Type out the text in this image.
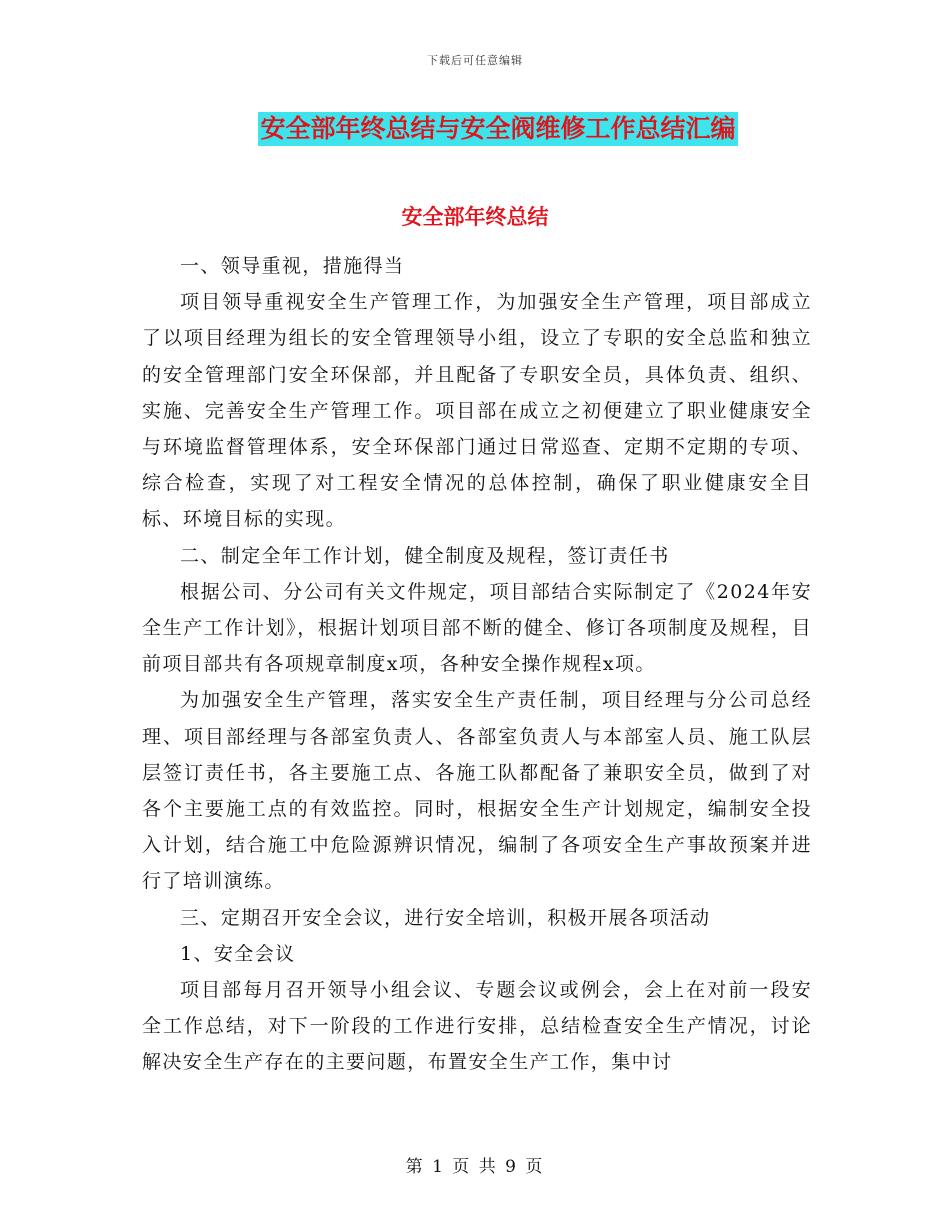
下载后可任意编辑
安全部年终总结与安全阀维修工作总结汇编
安全部年终总结

一、领导重视，措施得当

项目领导重视安全生产管理工作，为加强安全生产管理，项目部成立了以项目经理为组长的安全管理领导小组，设立了专职的安全总监和独立的安全管理部门安全环保部，并且配备了专职安全员，具体负责、组织、实施、完善安全生产管理工作。项目部在成立之初便建立了职业健康安全与环境监督管理体系，安全环保部门通过日常巡查、定期不定期的专项、综合检查，实现了对工程安全情况的总体控制，确保了职业健康安全目标、环境目标的实现。

二、制定全年工作计划，健全制度及规程，签订责任书

根据公司、分公司有关文件规定，项目部结合实际制定了《2024年安全生产工作计划》，根据计划项目部不断的健全、修订各项制度及规程，目前项目部共有各项规章制度x项，各种安全操作规程x项。

为加强安全生产管理，落实安全生产责任制，项目经理与分公司总经理、项目部经理与各部室负责人、各部室负责人与本部室人员、施工队层层签订责任书，各主要施工点、各施工队都配备了兼职安全员，做到了对各个主要施工点的有效监控。同时，根据安全生产计划规定，编制安全投入计划，结合施工中危险源辨识情况，编制了各项安全生产事故预案并进行了培训演练。

三、定期召开安全会议，进行安全培训，积极开展各项活动

1、安全会议

项目部每月召开领导小组会议、专题会议或例会，会上在对前一段安全工作总结，对下一阶段的工作进行安排，总结检查安全生产情况，讨论解决安全生产存在的主要问题，布置安全生产工作，集中讨

第 1 页 共 9 页
